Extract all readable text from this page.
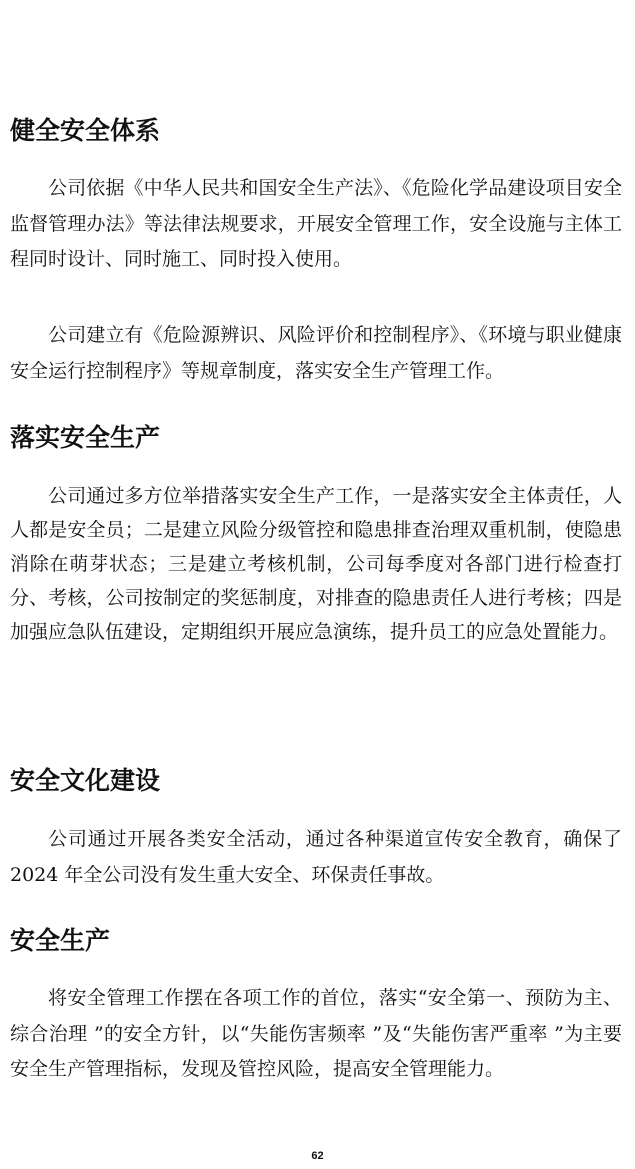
健全安全体系

公司依据《中华人民共和国安全生产法》、《危险化学品建设项目安全监督管理办法》等法律法规要求，开展安全管理工作，安全设施与主体工程同时设计、同时施工、同时投入使用。

公司建立有《危险源辨识、风险评价和控制程序》、《环境与职业健康安全运行控制程序》等规章制度，落实安全生产管理工作。

落实安全生产

公司通过多方位举措落实安全生产工作，一是落实安全主体责任，人人都是安全员；二是建立风险分级管控和隐患排查治理双重机制，使隐患消除在萌芽状态；三是建立考核机制，公司每季度对各部门进行检查打分、考核，公司按制定的奖惩制度，对排查的隐患责任人进行考核；四是加强应急队伍建设，定期组织开展应急演练，提升员工的应急处置能力。

安全文化建设

公司通过开展各类安全活动，通过各种渠道宣传安全教育，确保了 2024 年全公司没有发生重大安全、环保责任事故。

安全生产

将安全管理工作摆在各项工作的首位，落实“安全第一、预防为主、综合治理 ”的安全方针，以“失能伤害频率 ”及“失能伤害严重率 ”为主要安全生产管理指标，发现及管控风险，提高安全管理能力。

62
